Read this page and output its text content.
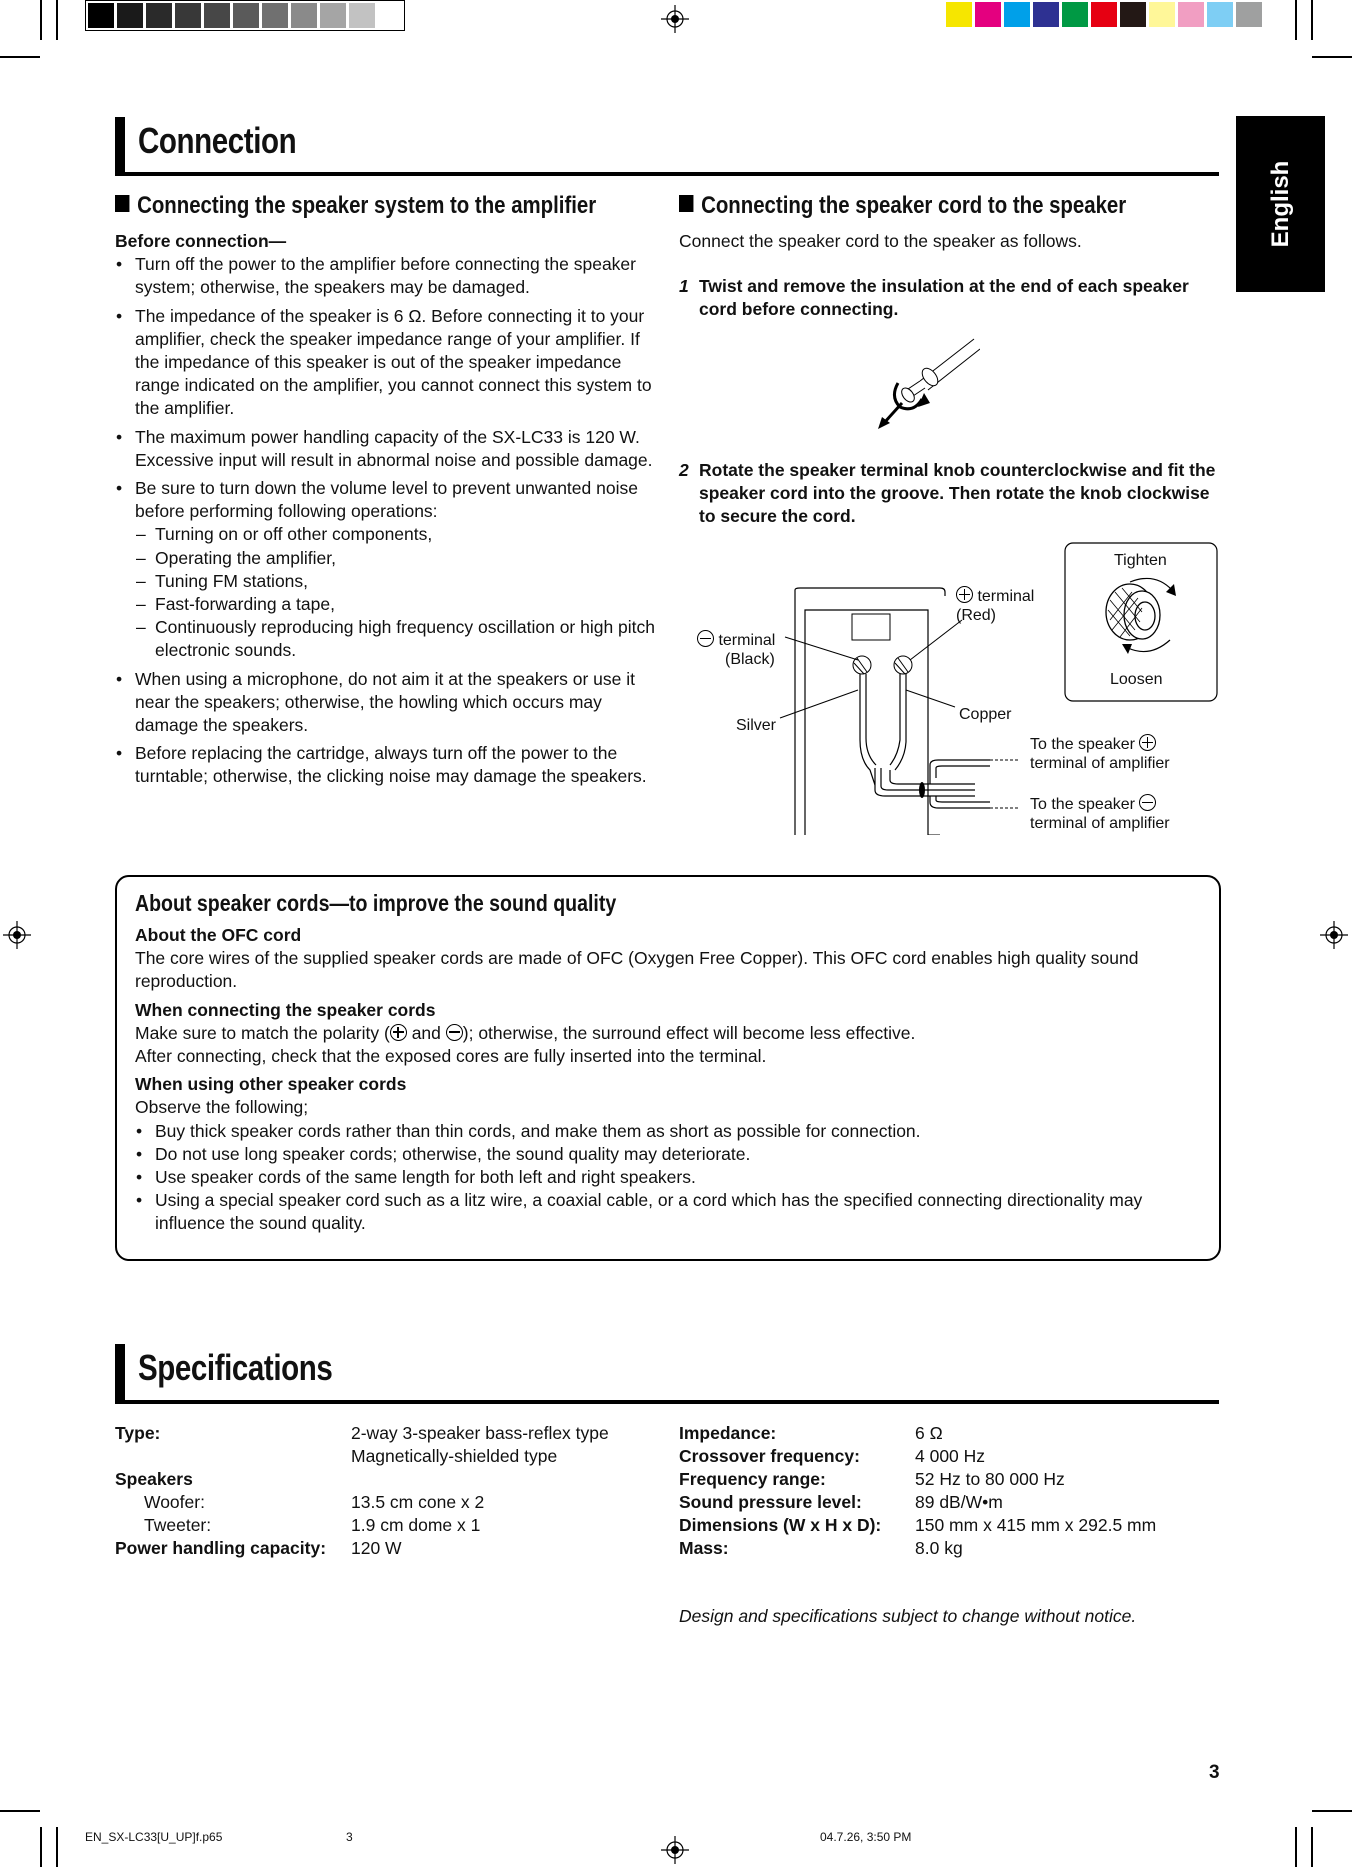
English
Connection
Connecting the speaker system to the amplifier
Before connection—
• Turn off the power to the amplifier before connecting the speaker system; otherwise, the speakers may be damaged.
• The impedance of the speaker is 6 Ω. Before connecting it to your amplifier, check the speaker impedance range of your amplifier. If the impedance of this speaker is out of the speaker impedance range indicated on the amplifier, you cannot connect this system to the amplifier.
• The maximum power handling capacity of the SX-LC33 is 120 W. Excessive input will result in abnormal noise and possible damage.
• Be sure to turn down the volume level to prevent unwanted noise before performing following operations:
– Turning on or off other components,
– Operating the amplifier,
– Tuning FM stations,
– Fast-forwarding a tape,
– Continuously reproducing high frequency oscillation or high pitch electronic sounds.
• When using a microphone, do not aim it at the speakers or use it near the speakers; otherwise, the howling which occurs may damage the speakers.
• Before replacing the cartridge, always turn off the power to the turntable; otherwise, the clicking noise may damage the speakers.
Connecting the speaker cord to the speaker
Connect the speaker cord to the speaker as follows.
1 Twist and remove the insulation at the end of each speaker cord before connecting.
2 Rotate the speaker terminal knob counterclockwise and fit the speaker cord into the groove. Then rotate the knob clockwise to secure the cord.
terminal
(Black)
terminal
(Red)
Silver
Copper
Tighten
Loosen
To the speaker
terminal of amplifier
To the speaker
terminal of amplifier
About speaker cords—to improve the sound quality
About the OFC cord
The core wires of the supplied speaker cords are made of OFC (Oxygen Free Copper). This OFC cord enables high quality sound reproduction.
When connecting the speaker cords
Make sure to match the polarity ( and ); otherwise, the surround effect will become less effective.
After connecting, check that the exposed cores are fully inserted into the terminal.
When using other speaker cords
Observe the following;
• Buy thick speaker cords rather than thin cords, and make them as short as possible for connection.
• Do not use long speaker cords; otherwise, the sound quality may deteriorate.
• Use speaker cords of the same length for both left and right speakers.
• Using a special speaker cord such as a litz wire, a coaxial cable, or a cord which has the specified connecting directionality may influence the sound quality.
Specifications
Type:	2-way 3-speaker bass-reflex type
Magnetically-shielded type
Speakers
Woofer:	13.5 cm cone x 2
Tweeter:	1.9 cm dome x 1
Power handling capacity: 120 W
Impedance:	6 Ω
Crossover frequency:	4 000 Hz
Frequency range:	52 Hz to 80 000 Hz
Sound pressure level:	89 dB/W•m
Dimensions (W x H x D): 150 mm x 415 mm x 292.5 mm
Mass:	8.0 kg
Design and specifications subject to change without notice.
3
EN_SX-LC33[U_UP]f.p65	3	04.7.26, 3:50 PM
